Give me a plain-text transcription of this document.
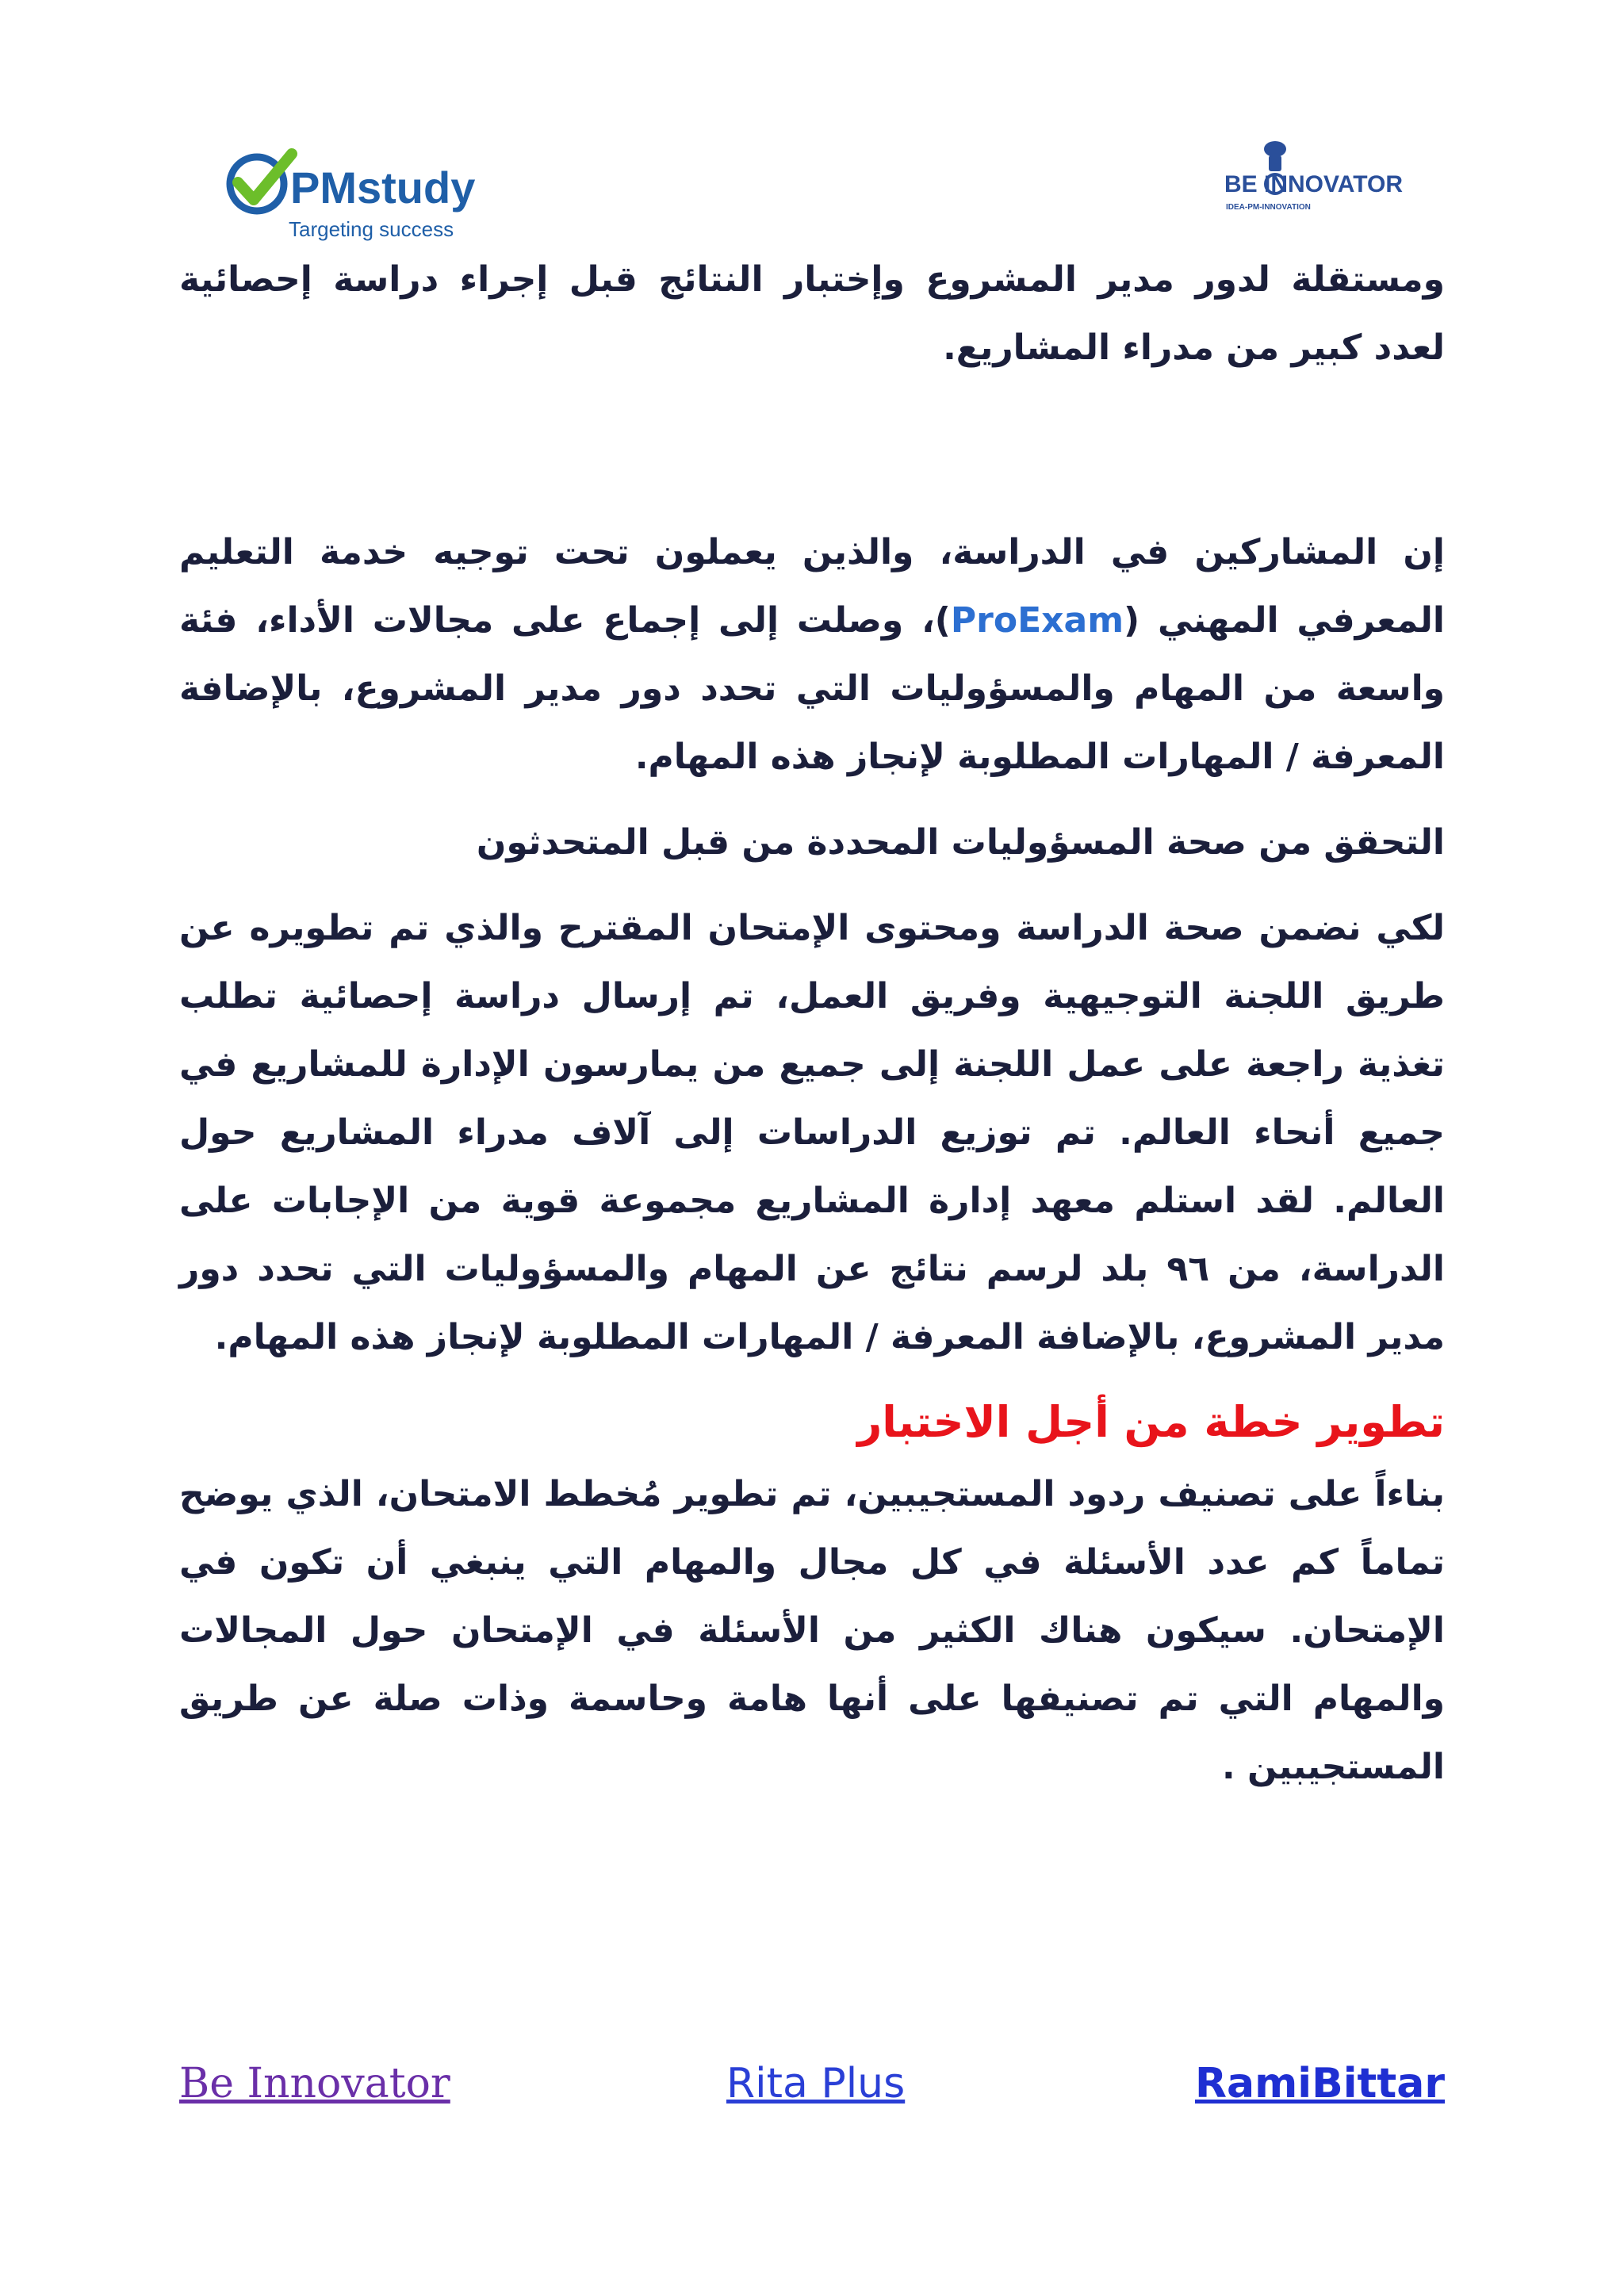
PMstudy
Targeting success
BE INNOVATOR
IDEA-PM-INNOVATION

ومستقلة لدور مدير المشروع وإختبار النتائج قبل إجراء دراسة إحصائية لعدد كبير من مدراء المشاريع.

إن المشاركين في الدراسة، والذين يعملون تحت توجيه خدمة التعليم المعرفي المهني (ProExam)، وصلت إلى إجماع على مجالات الأداء، فئة واسعة من المهام والمسؤوليات التي تحدد دور مدير المشروع، بالإضافة المعرفة / المهارات المطلوبة لإنجاز هذه المهام.

التحقق من صحة المسؤوليات المحددة من قبل المتحدثون

لكي نضمن صحة الدراسة ومحتوى الإمتحان المقترح والذي تم تطويره عن طريق اللجنة التوجيهية وفريق العمل، تم إرسال دراسة إحصائية تطلب تغذية راجعة على عمل اللجنة إلى جميع من يمارسون الإدارة للمشاريع في جميع أنحاء العالم. تم توزيع الدراسات إلى آلاف مدراء المشاريع حول العالم. لقد استلم معهد إدارة المشاريع مجموعة قوية من الإجابات على الدراسة، من ٩٦ بلد لرسم نتائج عن المهام والمسؤوليات التي تحدد دور مدير المشروع، بالإضافة المعرفة / المهارات المطلوبة لإنجاز هذه المهام.

تطوير خطة من أجل الاختبار

بناءاً على تصنيف ردود المستجيبين، تم تطوير مُخطط الامتحان، الذي يوضح تماماً كم عدد الأسئلة في كل مجال والمهام التي ينبغي أن تكون في الإمتحان. سيكون هناك الكثير من الأسئلة في الإمتحان حول المجالات والمهام التي تم تصنيفها على أنها هامة وحاسمة وذات صلة عن طريق المستجيبين .

Be Innovator	Rita Plus	RamiBittar
